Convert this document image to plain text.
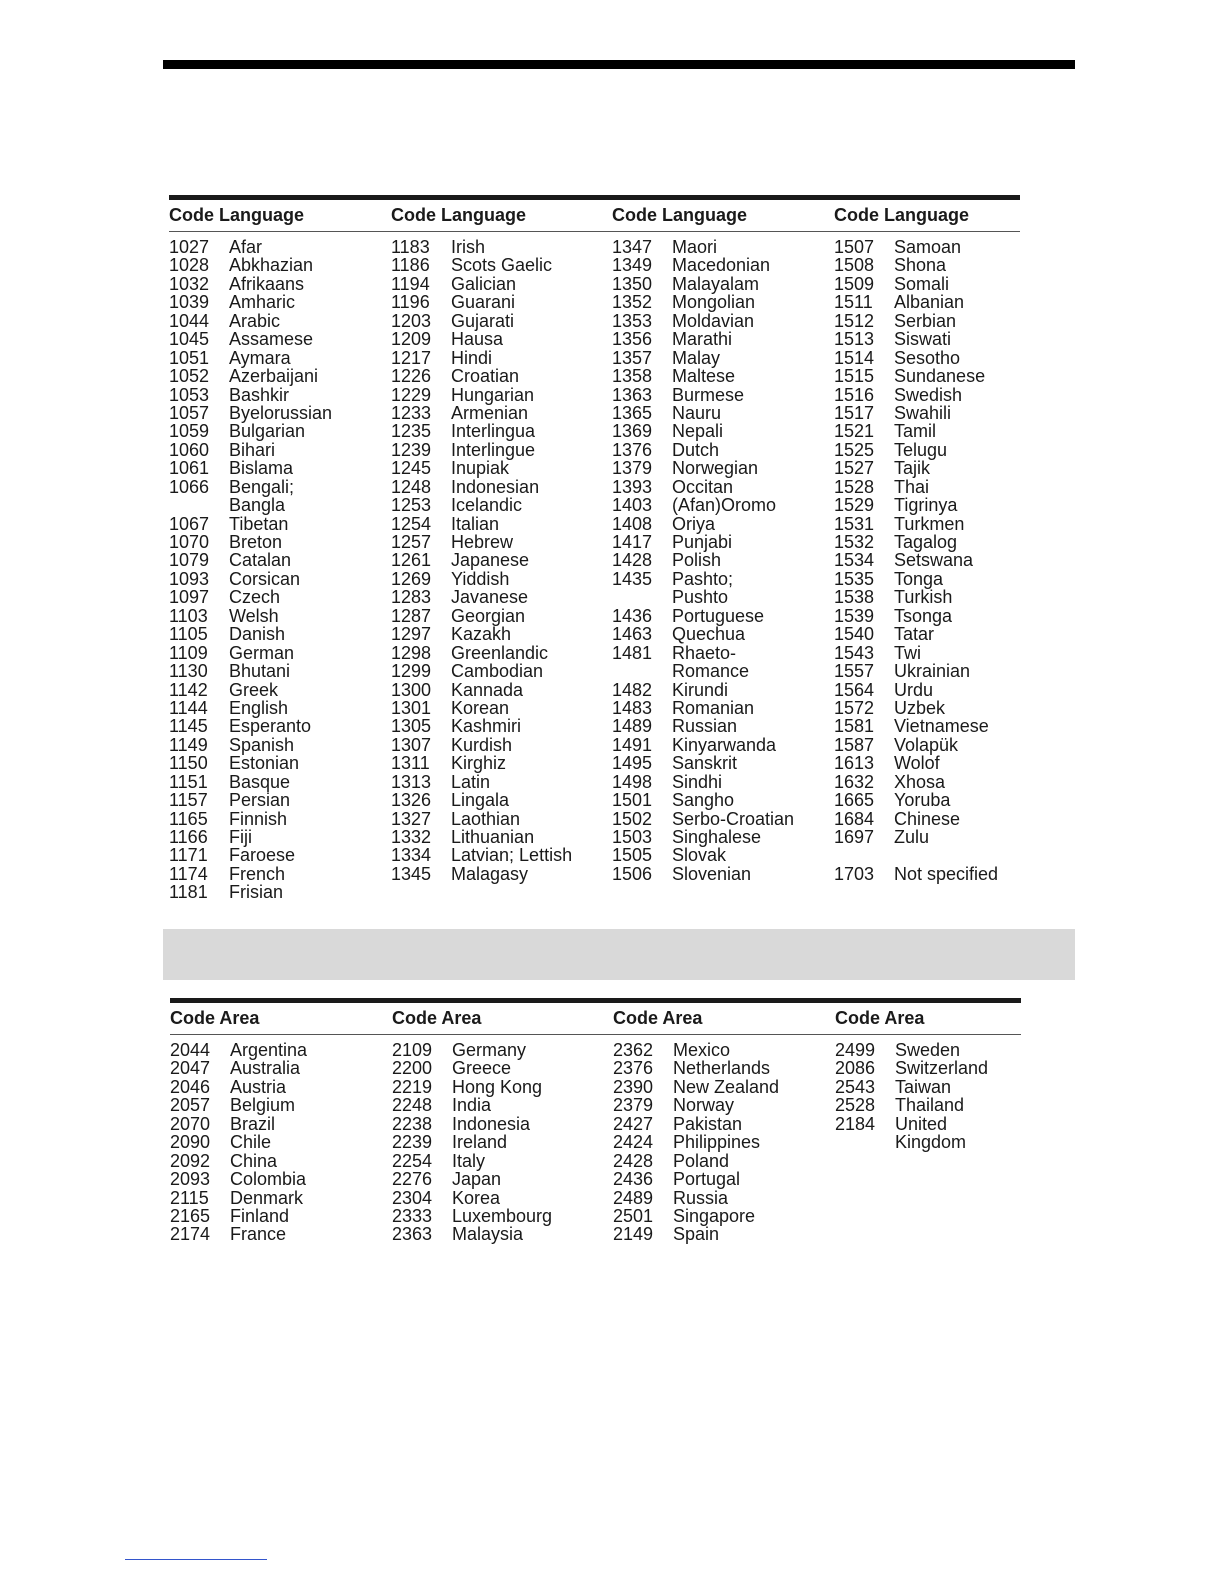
Code Language
1027	Afar
1028	Abkhazian
1032	Afrikaans
1039	Amharic
1044	Arabic
1045	Assamese
1051	Aymara
1052	Azerbaijani
1053	Bashkir
1057	Byelorussian
1059	Bulgarian
1060	Bihari
1061	Bislama
1066	Bengali;
Bangla
1067	Tibetan
1070	Breton
1079	Catalan
1093	Corsican
1097	Czech
1103	Welsh
1105	Danish
1109	German
1130	Bhutani
1142	Greek
1144	English
1145	Esperanto
1149	Spanish
1150	Estonian
1151	Basque
1157	Persian
1165	Finnish
1166	Fiji
1171	Faroese
1174	French
1181	Frisian
Code Language
1183	Irish
1186	Scots Gaelic
1194	Galician
1196	Guarani
1203	Gujarati
1209	Hausa
1217	Hindi
1226	Croatian
1229	Hungarian
1233	Armenian
1235	Interlingua
1239	Interlingue
1245	Inupiak
1248	Indonesian
1253	Icelandic
1254	Italian
1257	Hebrew
1261	Japanese
1269	Yiddish
1283	Javanese
1287	Georgian
1297	Kazakh
1298	Greenlandic
1299	Cambodian
1300	Kannada
1301	Korean
1305	Kashmiri
1307	Kurdish
1311	Kirghiz
1313	Latin
1326	Lingala
1327	Laothian
1332	Lithuanian
1334	Latvian; Lettish
1345	Malagasy
Code Language
1347	Maori
1349	Macedonian
1350	Malayalam
1352	Mongolian
1353	Moldavian
1356	Marathi
1357	Malay
1358	Maltese
1363	Burmese
1365	Nauru
1369	Nepali
1376	Dutch
1379	Norwegian
1393	Occitan
1403	(Afan)Oromo
1408	Oriya
1417	Punjabi
1428	Polish
1435	Pashto;
Pushto
1436	Portuguese
1463	Quechua
1481	Rhaeto-
Romance
1482	Kirundi
1483	Romanian
1489	Russian
1491	Kinyarwanda
1495	Sanskrit
1498	Sindhi
1501	Sangho
1502	Serbo-Croatian
1503	Singhalese
1505	Slovak
1506	Slovenian
Code Language
1507	Samoan
1508	Shona
1509	Somali
1511	Albanian
1512	Serbian
1513	Siswati
1514	Sesotho
1515	Sundanese
1516	Swedish
1517	Swahili
1521	Tamil
1525	Telugu
1527	Tajik
1528	Thai
1529	Tigrinya
1531	Turkmen
1532	Tagalog
1534	Setswana
1535	Tonga
1538	Turkish
1539	Tsonga
1540	Tatar
1543	Twi
1557	Ukrainian
1564	Urdu
1572	Uzbek
1581	Vietnamese
1587	Volapük
1613	Wolof
1632	Xhosa
1665	Yoruba
1684	Chinese
1697	Zulu
1703	Not specified
Code Area
2044	Argentina
2047	Australia
2046	Austria
2057	Belgium
2070	Brazil
2090	Chile
2092	China
2093	Colombia
2115	Denmark
2165	Finland
2174	France
Code Area
2109	Germany
2200	Greece
2219	Hong Kong
2248	India
2238	Indonesia
2239	Ireland
2254	Italy
2276	Japan
2304	Korea
2333	Luxembourg
2363	Malaysia
Code Area
2362	Mexico
2376	Netherlands
2390	New Zealand
2379	Norway
2427	Pakistan
2424	Philippines
2428	Poland
2436	Portugal
2489	Russia
2501	Singapore
2149	Spain
Code Area
2499	Sweden
2086	Switzerland
2543	Taiwan
2528	Thailand
2184	United
Kingdom
